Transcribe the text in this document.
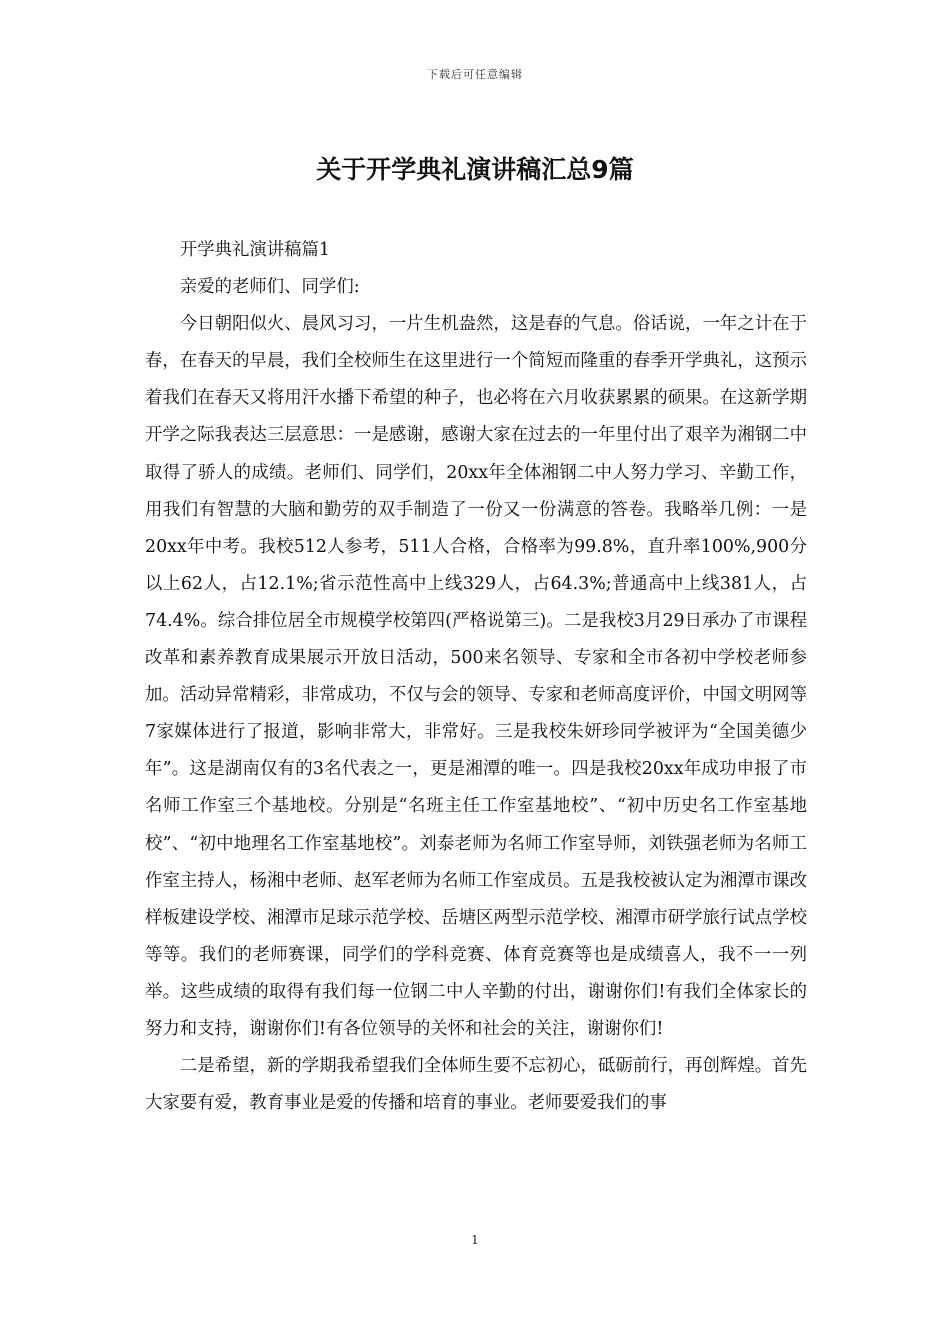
下载后可任意编辑
关于开学典礼演讲稿汇总9篇

开学典礼演讲稿篇1

亲爱的老师们、同学们:

今日朝阳似火、晨风习习，一片生机盎然，这是春的气息。俗话说，一年之计在于春，在春天的早晨，我们全校师生在这里进行一个简短而隆重的春季开学典礼，这预示着我们在春天又将用汗水播下希望的种子，也必将在六月收获累累的硕果。在这新学期开学之际我表达三层意思：一是感谢，感谢大家在过去的一年里付出了艰辛为湘钢二中取得了骄人的成绩。老师们、同学们，20xx年全体湘钢二中人努力学习、辛勤工作，用我们有智慧的大脑和勤劳的双手制造了一份又一份满意的答卷。我略举几例：一是20xx年中考。我校512人参考，511人合格，合格率为99.8%，直升率100%,900分以上62人，占12.1%;省示范性高中上线329人，占64.3%;普通高中上线381人，占74.4%。综合排位居全市规模学校第四(严格说第三)。二是我校3月29日承办了市课程改革和素养教育成果展示开放日活动，500来名领导、专家和全市各初中学校老师参加。活动异常精彩，非常成功，不仅与会的领导、专家和老师高度评价，中国文明网等7家媒体进行了报道，影响非常大，非常好。三是我校朱妍珍同学被评为“全国美德少年”。这是湖南仅有的3名代表之一，更是湘潭的唯一。四是我校20xx年成功申报了市名师工作室三个基地校。分别是“名班主任工作室基地校”、“初中历史名工作室基地校”、“初中地理名工作室基地校”。刘泰老师为名师工作室导师，刘铁强老师为名师工作室主持人，杨湘中老师、赵军老师为名师工作室成员。五是我校被认定为湘潭市课改样板建设学校、湘潭市足球示范学校、岳塘区两型示范学校、湘潭市研学旅行试点学校等等。我们的老师赛课，同学们的学科竞赛、体育竞赛等也是成绩喜人，我不一一列举。这些成绩的取得有我们每一位钢二中人辛勤的付出，谢谢你们!有我们全体家长的努力和支持，谢谢你们!有各位领导的关怀和社会的关注，谢谢你们!

二是希望，新的学期我希望我们全体师生要不忘初心，砥砺前行，再创辉煌。首先大家要有爱，教育事业是爱的传播和培育的事业。老师要爱我们的事

1
